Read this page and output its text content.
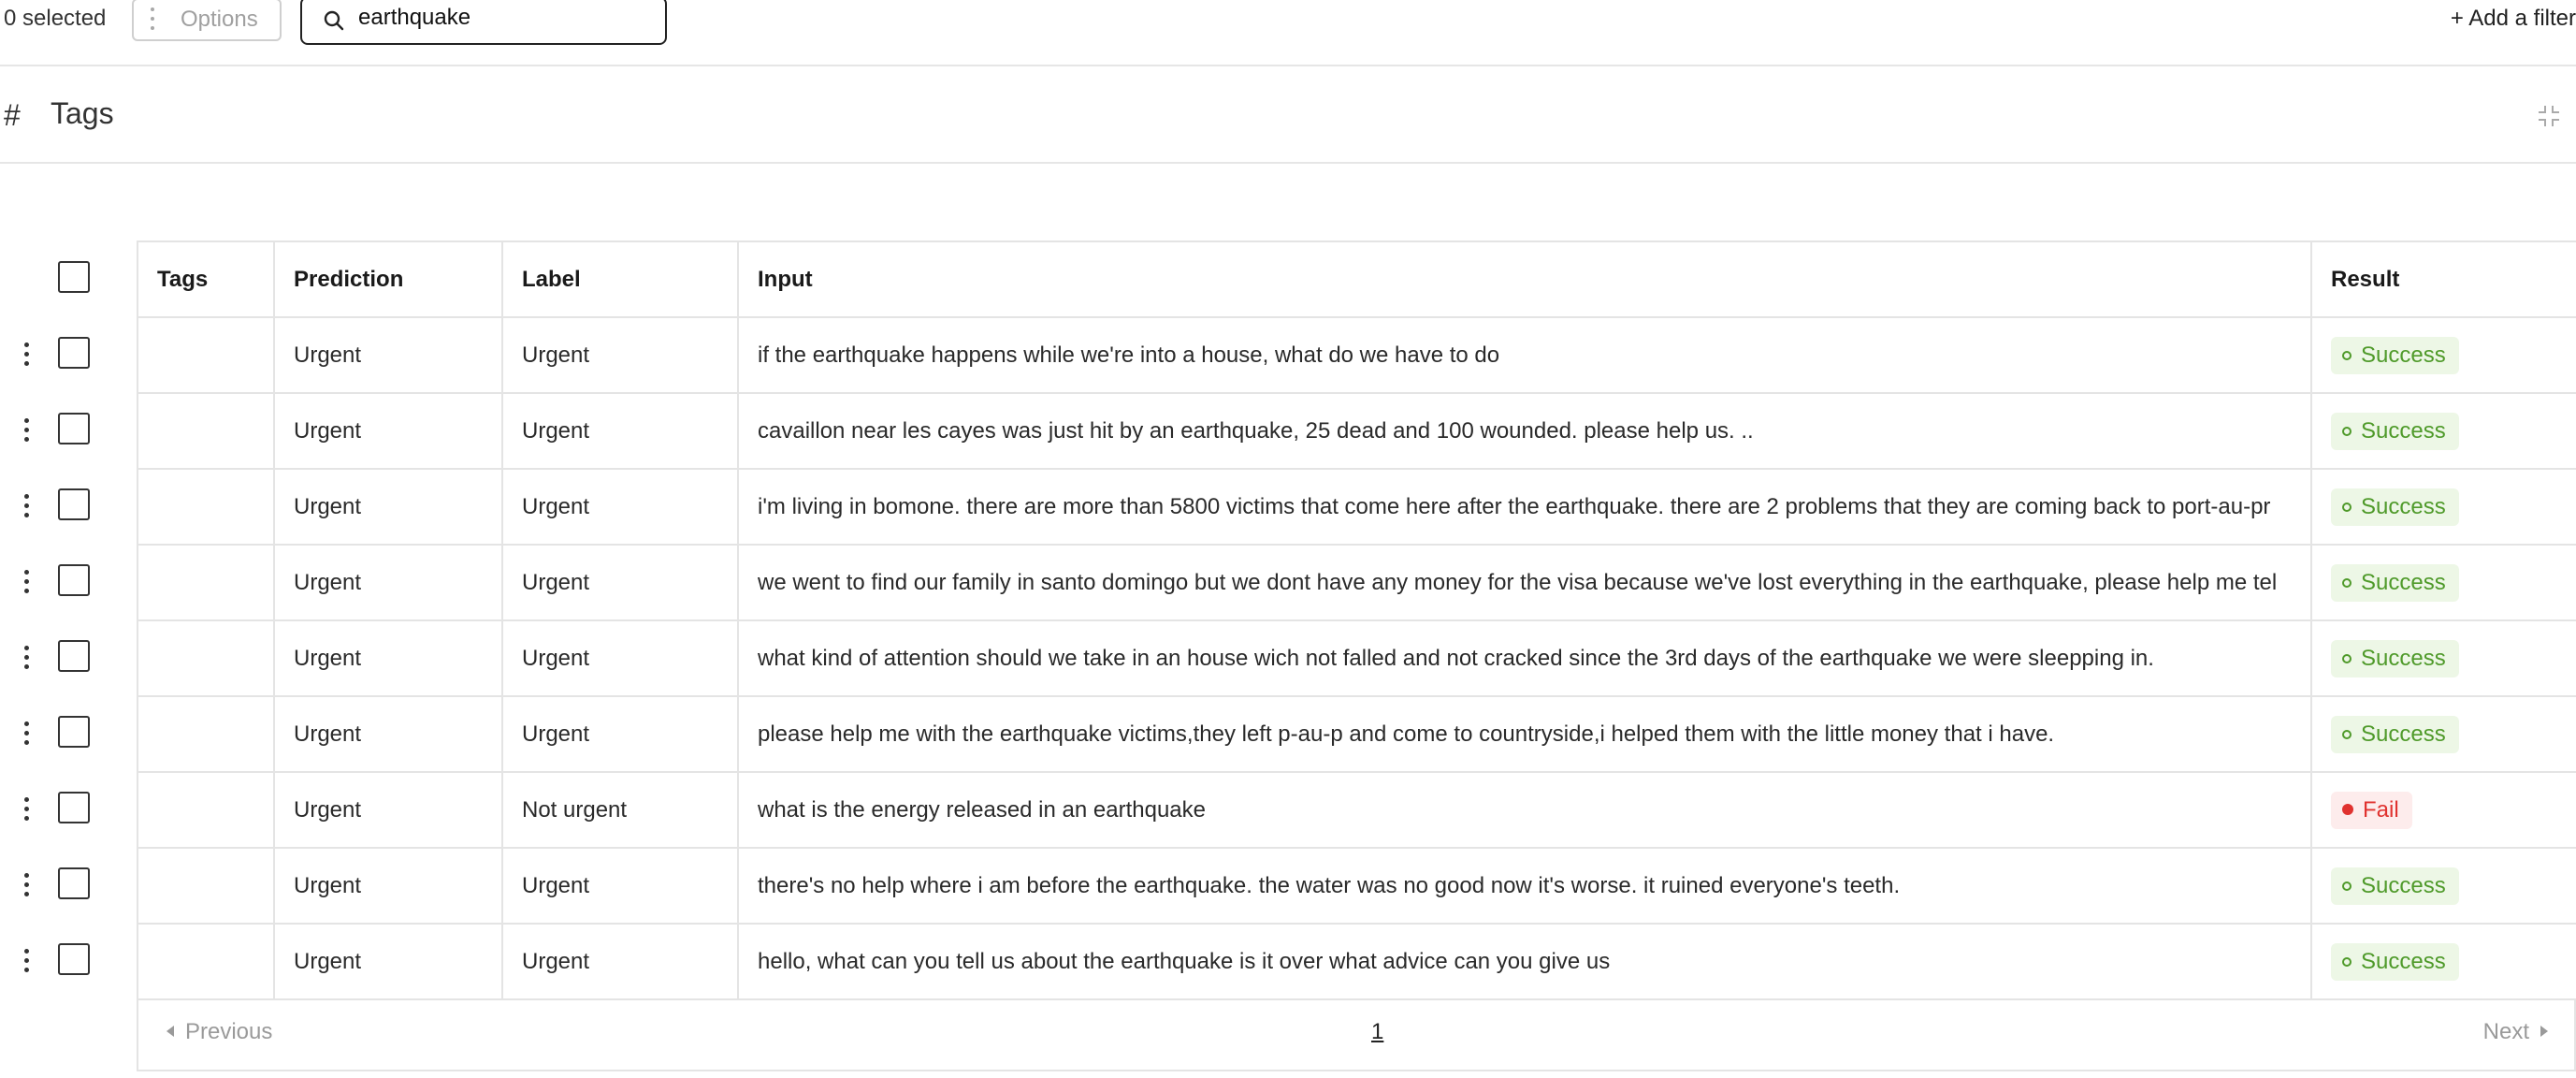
0 selected	Options
earthquake	+ Add a filter
# Tags
Tags	Prediction	Label	Input	Result
	Urgent	Urgent	if the earthquake happens while we're into a house, what do we have to do	Success
	Urgent	Urgent	cavaillon near les cayes was just hit by an earthquake, 25 dead and 100 wounded. please help us. ..	Success
	Urgent	Urgent	i'm living in bomone. there are more than 5800 victims that come here after the earthquake. there are 2 problems that they are coming back to port-au-pr	Success
	Urgent	Urgent	we went to find our family in santo domingo but we dont have any money for the visa because we've lost everything in the earthquake, please help me tel	Success
	Urgent	Urgent	what kind of attention should we take in an house wich not falled and not cracked since the 3rd days of the earthquake we were sleepping in.	Success
	Urgent	Urgent	please help me with the earthquake victims,they left p-au-p and come to countryside,i helped them with the little money that i have.	Success
	Urgent	Not urgent	what is the energy released in an earthquake	Fail
	Urgent	Urgent	there's no help where i am before the earthquake. the water was no good now it's worse. it ruined everyone's teeth.	Success
	Urgent	Urgent	hello, what can you tell us about the earthquake is it over what advice can you give us	Success
Previous	1	Next
